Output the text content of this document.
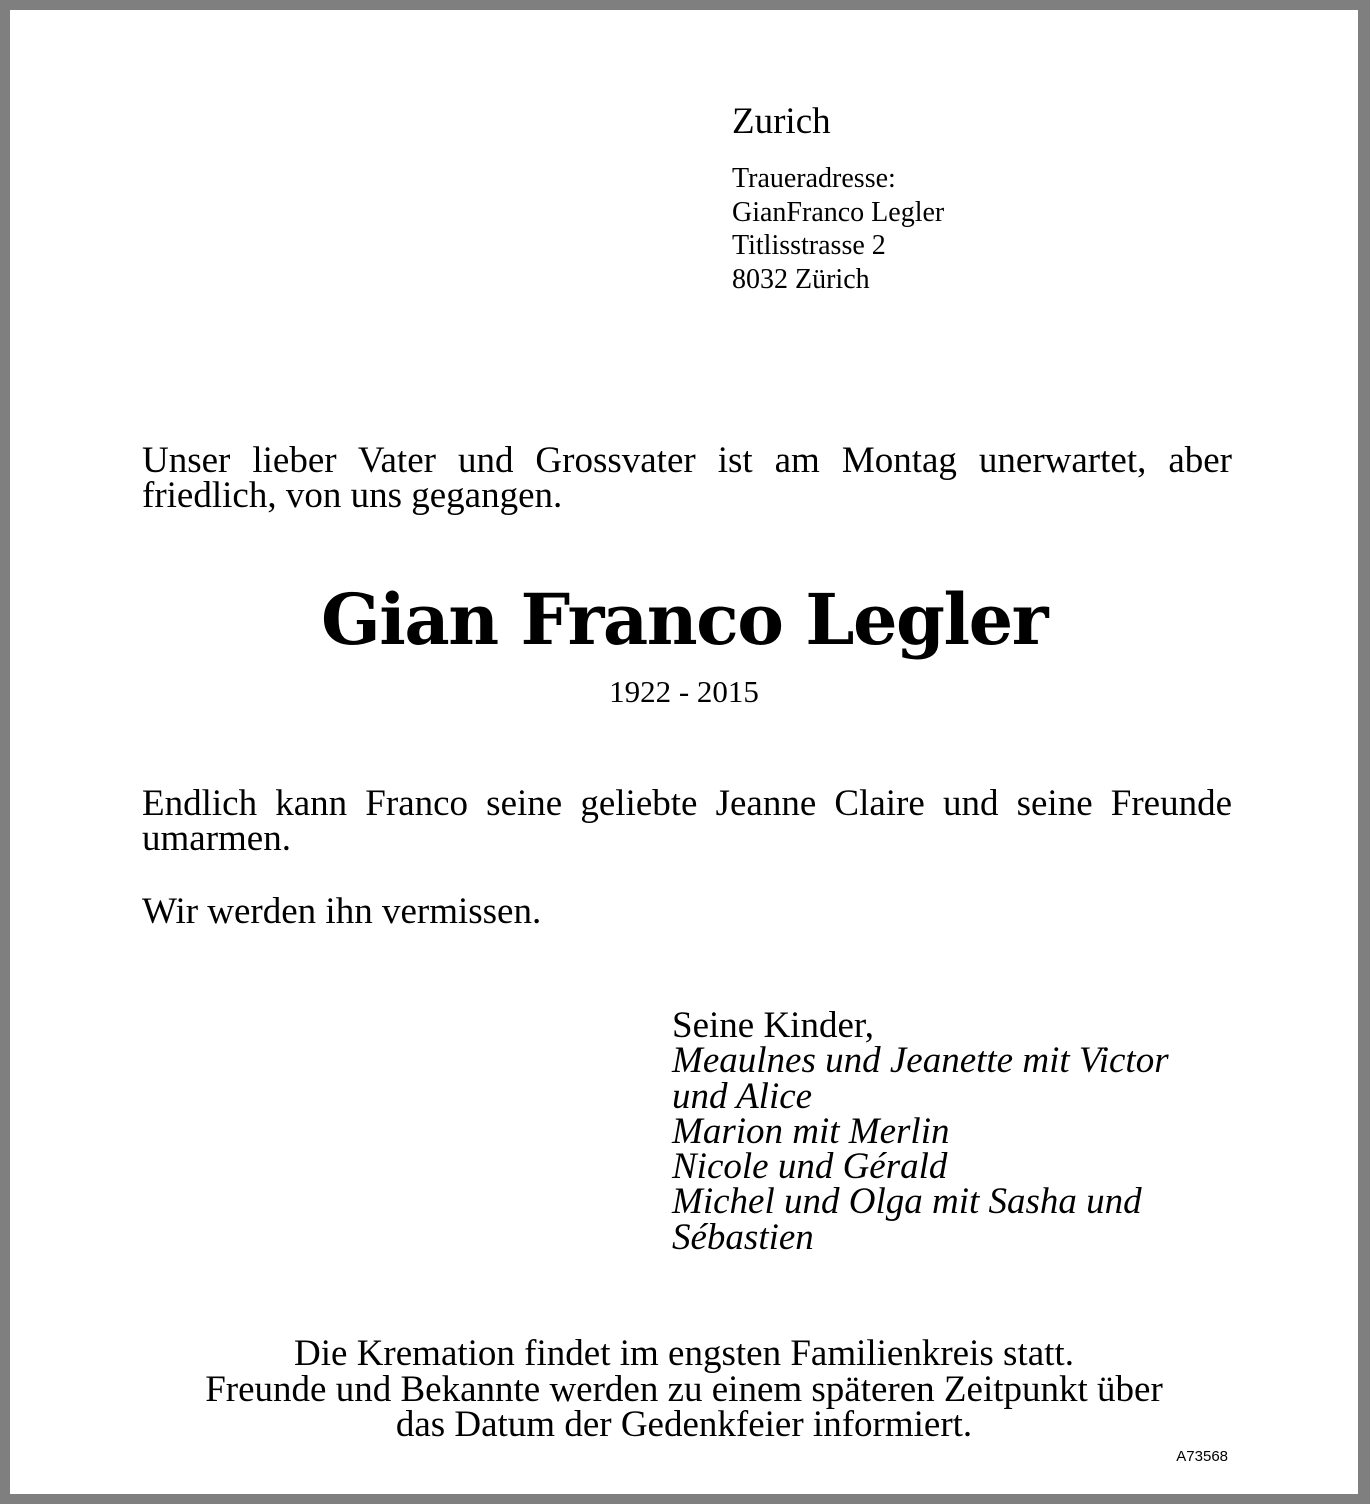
Zurich
Traueradresse:
GianFranco Legler
Titlisstrasse 2
8032 Zürich
Unser lieber Vater und Grossvater ist am Montag unerwartet, aber friedlich, von uns gegangen.
Gian Franco Legler
1922 - 2015
Endlich kann Franco seine geliebte Jeanne Claire und seine Freunde umarmen.
Wir werden ihn vermissen.
Seine Kinder,
Meaulnes und Jeanette mit Victor und Alice
Marion mit Merlin
Nicole und Gérald
Michel und Olga mit Sasha und Sébastien
Die Kremation findet im engsten Familienkreis statt.
Freunde und Bekannte werden zu einem späteren Zeitpunkt über
das Datum der Gedenkfeier informiert.
A73568
